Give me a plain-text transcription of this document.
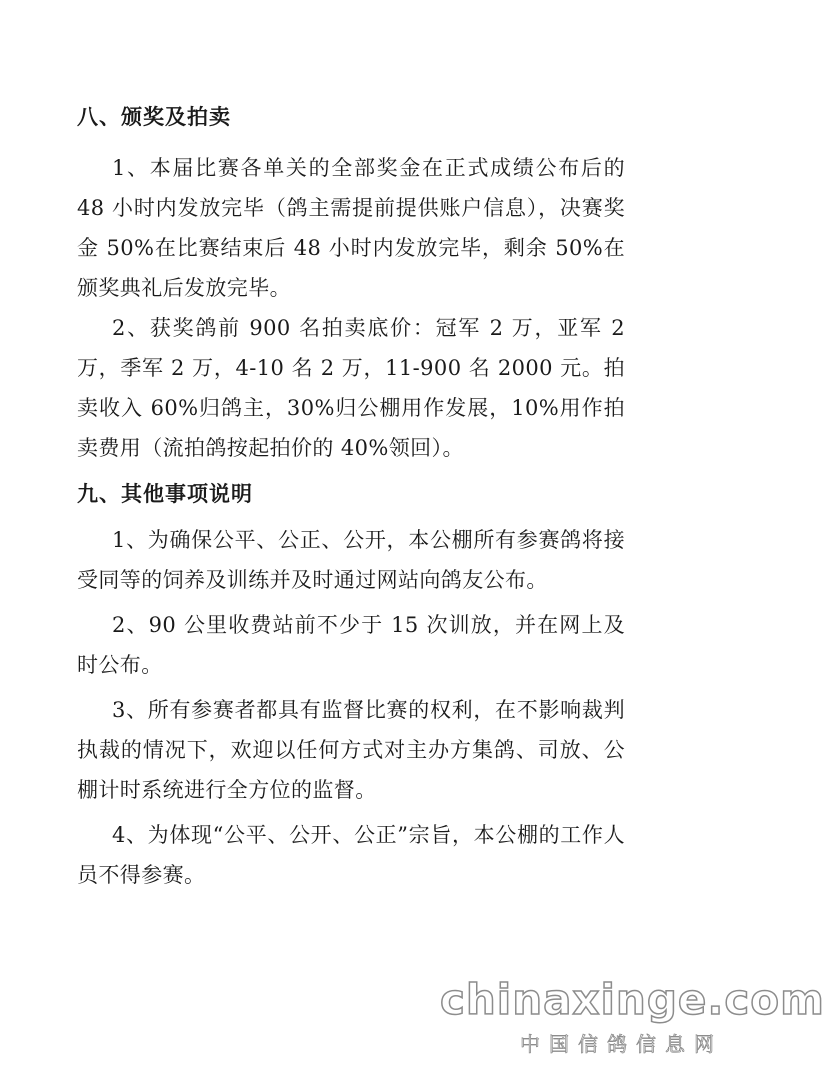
八、颁奖及拍卖
1、本届比赛各单关的全部奖金在正式成绩公布后的 48 小时内发放完毕（鸽主需提前提供账户信息），决赛奖金 50%在比赛结束后 48 小时内发放完毕，剩余 50%在颁奖典礼后发放完毕。
2、获奖鸽前 900 名拍卖底价：冠军 2 万，亚军 2 万，季军 2 万，4-10 名 2 万，11-900 名 2000 元。拍卖收入 60%归鸽主，30%归公棚用作发展，10%用作拍卖费用（流拍鸽按起拍价的 40%领回）。
九、其他事项说明
1、为确保公平、公正、公开，本公棚所有参赛鸽将接受同等的饲养及训练并及时通过网站向鸽友公布。
2、90 公里收费站前不少于 15 次训放，并在网上及时公布。
3、所有参赛者都具有监督比赛的权利，在不影响裁判执裁的情况下，欢迎以任何方式对主办方集鸽、司放、公棚计时系统进行全方位的监督。
4、为体现“公平、公开、公正”宗旨，本公棚的工作人员不得参赛。
chinaxinge.com
中国信鸽信息网
